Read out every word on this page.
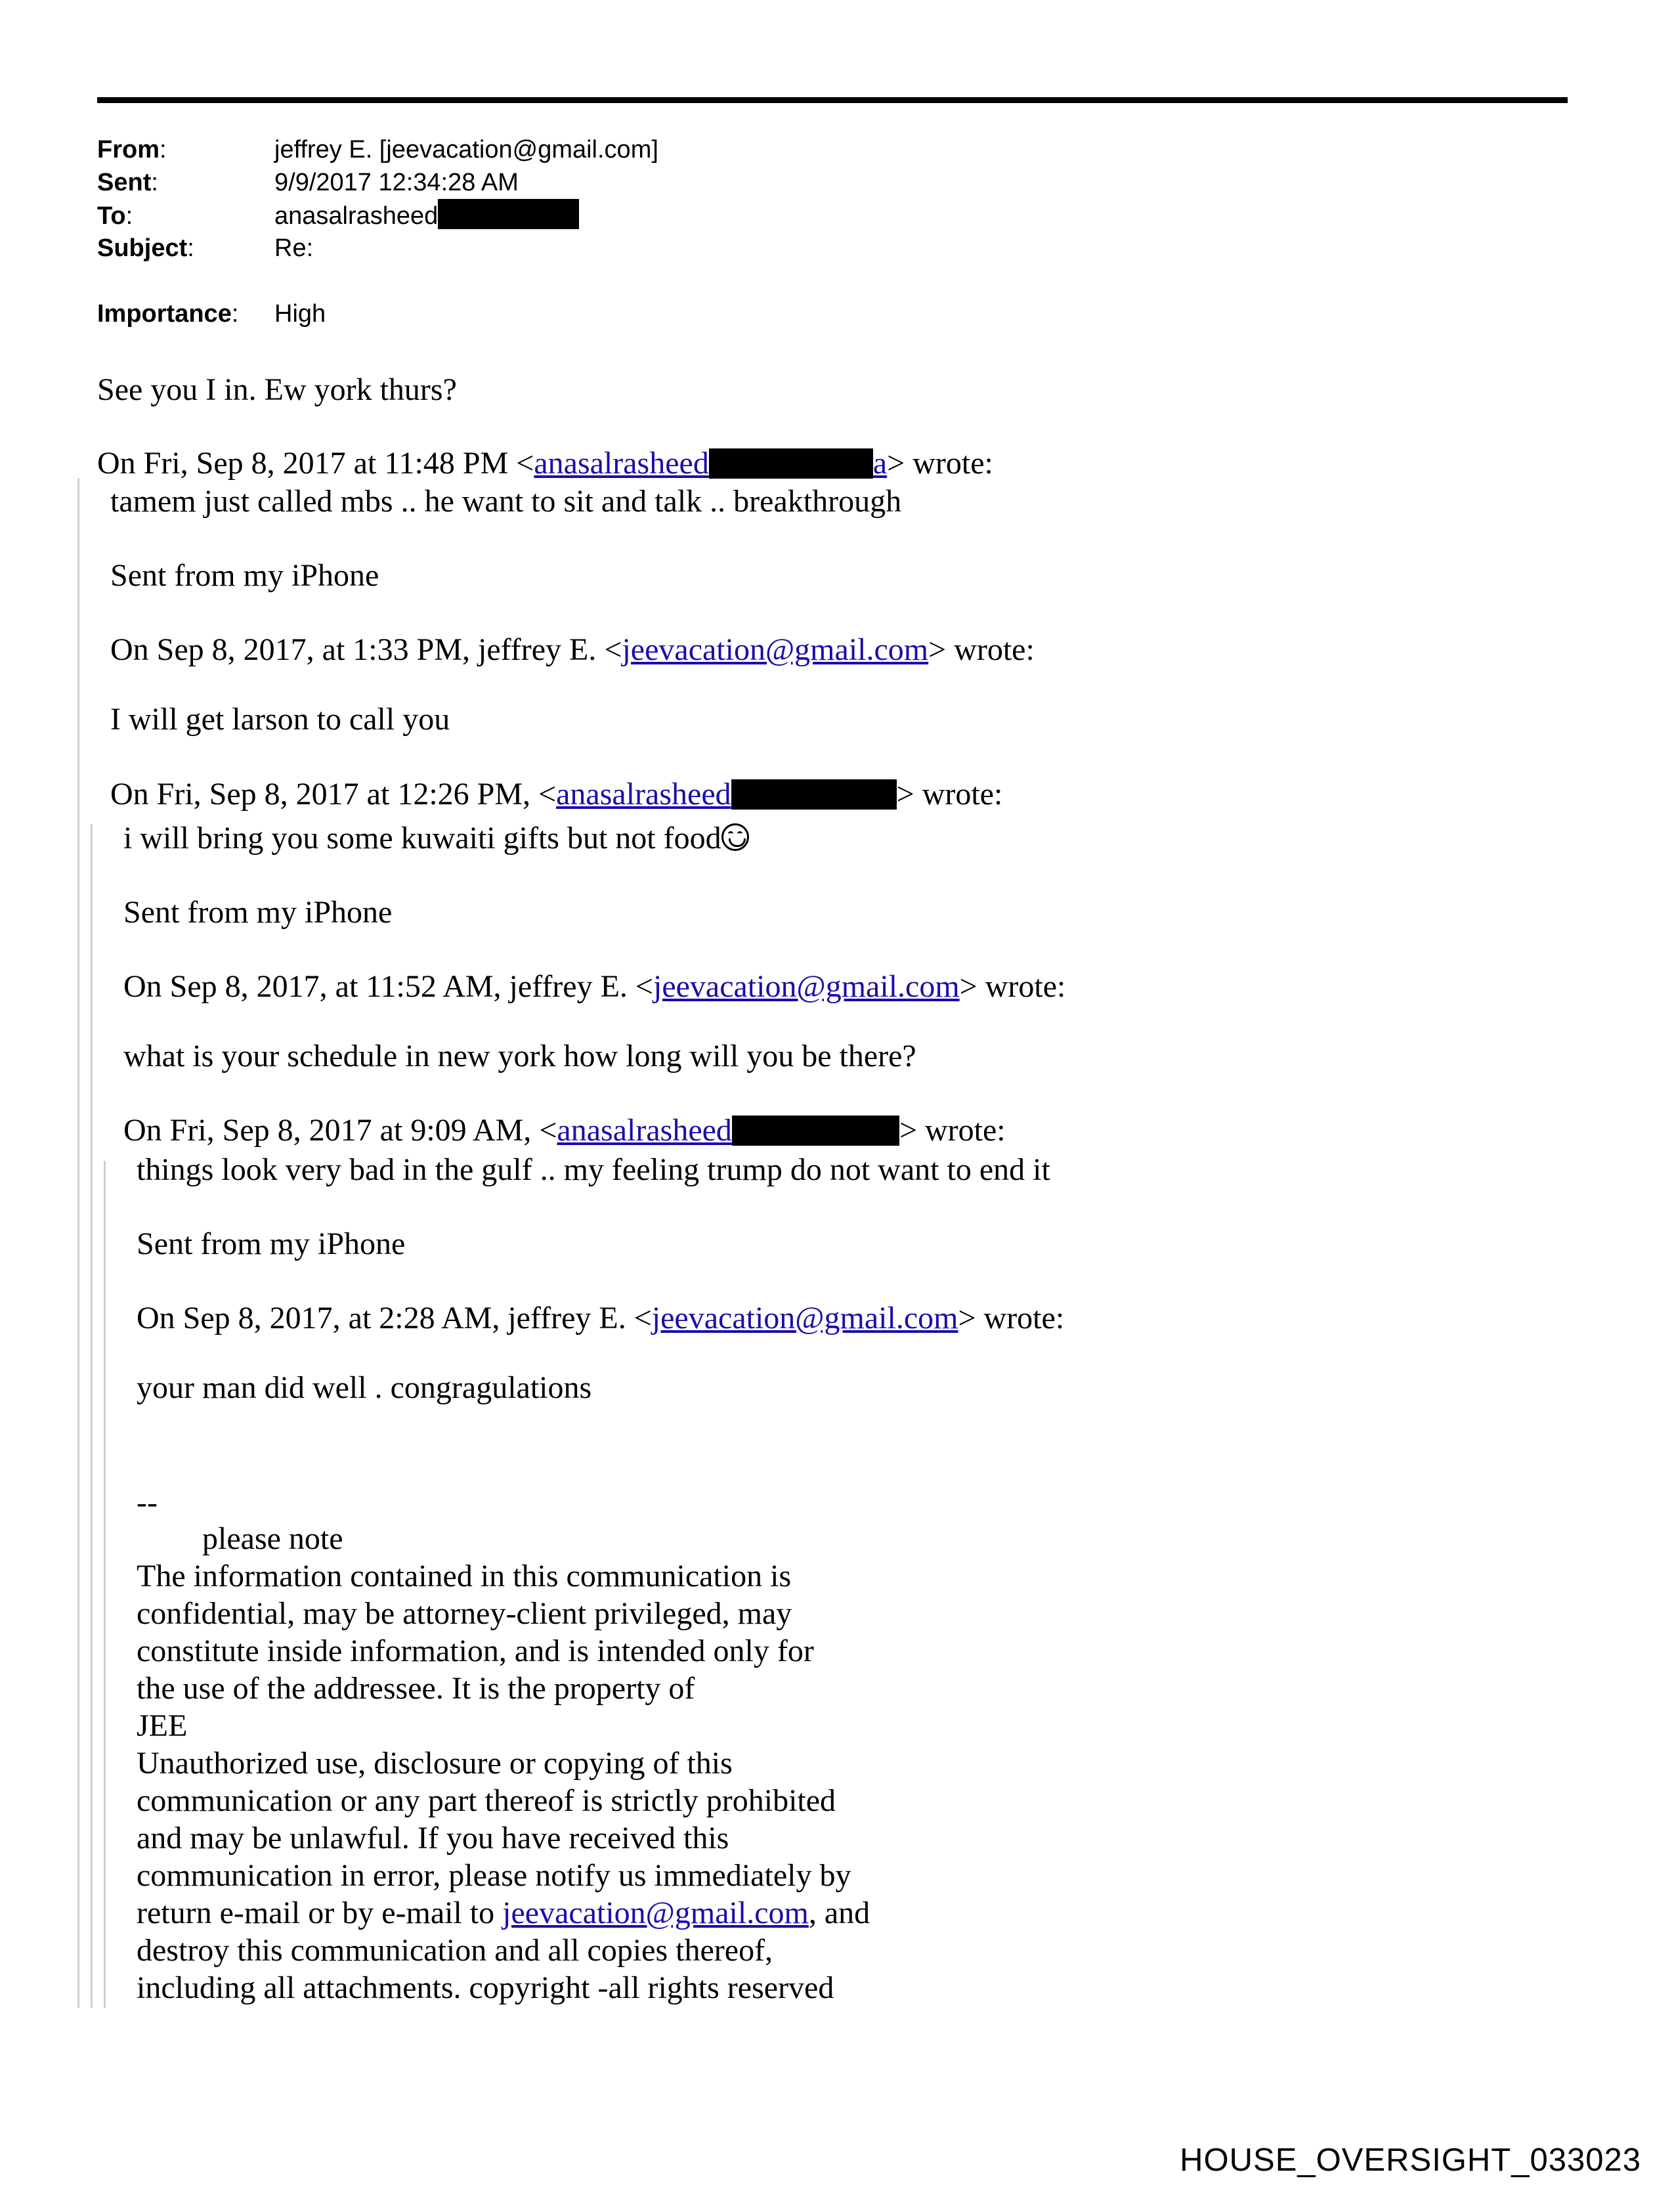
From:	jeffrey E. [jeevacation@gmail.com]
Sent:	9/9/2017 12:34:28 AM
To:	anasalrasheed
Subject:	Re:
Importance: High
See you I in. Ew york thurs?
On Fri, Sep 8, 2017 at 11:48 PM <anasalrasheed	a> wrote:
tamem just called mbs .. he want to sit and talk .. breakthrough
Sent from my iPhone
On Sep 8, 2017, at 1:33 PM, jeffrey E. <jeevacation@gmail.com> wrote:
I will get larson to call you
On Fri, Sep 8, 2017 at 12:26 PM, <anasalrasheed	> wrote:
i will bring you some kuwaiti gifts but not food
Sent from my iPhone
On Sep 8, 2017, at 11:52 AM, jeffrey E. <jeevacation@gmail.com> wrote:
what is your schedule in new york how long will you be there?
On Fri, Sep 8, 2017 at 9:09 AM, <anasalrasheed	> wrote:
things look very bad in the gulf .. my feeling trump do not want to end it
Sent from my iPhone
On Sep 8, 2017, at 2:28 AM, jeffrey E. <jeevacation@gmail.com> wrote:
your man did well . congragulations
--
please note
The information contained in this communication is
confidential, may be attorney-client privileged, may
constitute inside information, and is intended only for
the use of the addressee. It is the property of
JEE
Unauthorized use, disclosure or copying of this
communication or any part thereof is strictly prohibited
and may be unlawful. If you have received this
communication in error, please notify us immediately by
return e-mail or by e-mail to jeevacation@gmail.com, and
destroy this communication and all copies thereof,
including all attachments. copyright -all rights reserved
HOUSE_OVERSIGHT_033023
